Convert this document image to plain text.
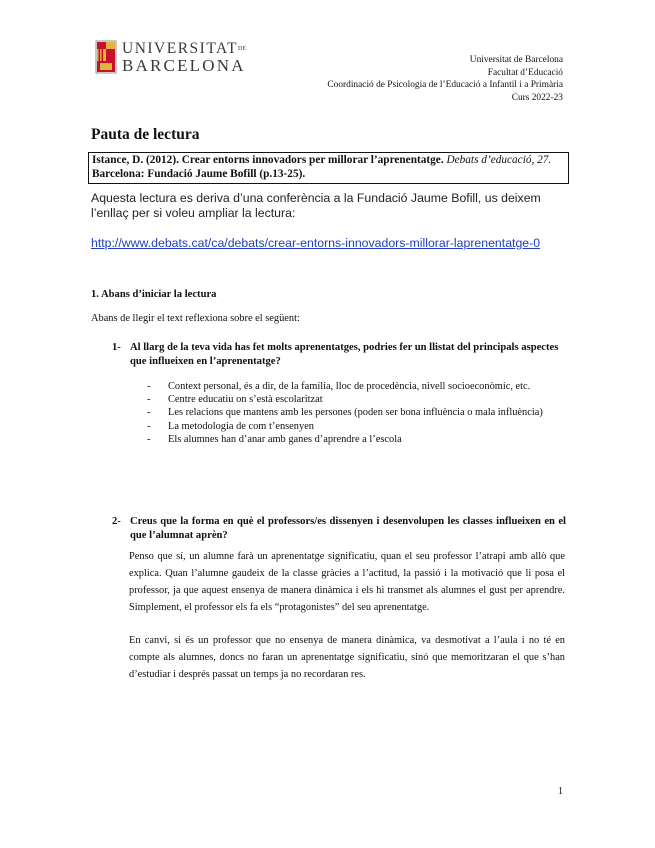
UNIVERSITATDE
BARCELONA	Universitat de Barcelona
Facultat d’Educació
Coordinació de Psicologia de l’Educació a Infantil i a Primària
Curs 2022-23
Pauta de lectura
Istance, D. (2012). Crear entorns innovadors per millorar l’aprenentatge. Debats d’educació, 27. Barcelona: Fundació Jaume Bofill (p.13-25).
Aquesta lectura es deriva d’una conferència a la Fundació Jaume Bofill, us deixem l’enllaç per si voleu ampliar la lectura:
http://www.debats.cat/ca/debats/crear-entorns-innovadors-millorar-laprenentatge-0
1. Abans d’iniciar la lectura
Abans de llegir el text reflexiona sobre el següent:
1- Al llarg de la teva vida has fet molts aprenentatges, podries fer un llistat del principals aspectes que influeixen en l’aprenentatge?
- Context personal, és a dir, de la família, lloc de procedència, nivell socioeconòmic, etc.
- Centre educatiu on s’està escolaritzat
- Les relacions que mantens amb les persones (poden ser bona influència o mala influència)
- La metodologia de com t’ensenyen
- Els alumnes han d’anar amb ganes d’aprendre a l’escola
2- Creus que la forma en què el professors/es dissenyen i desenvolupen les classes influeixen en el que l’alumnat aprèn?
Penso que sí, un alumne farà un aprenentatge significatiu, quan el seu professor l’atrapi amb allò que explica. Quan l’alumne gaudeix de la classe gràcies a l’actitud, la passió i la motivació que li posa el professor, ja que aquest ensenya de manera dinàmica i els hi transmet als alumnes el gust per aprendre. Simplement, el professor els fa els “protagonistes” del seu aprenentatge.
En canvi, si és un professor que no ensenya de manera dinàmica, va desmotivat a l’aula i no té en compte als alumnes, doncs no faran un aprenentatge significatiu, sinó que memoritzaran el que s’han d’estudiar i després passat un temps ja no recordaran res.
1
